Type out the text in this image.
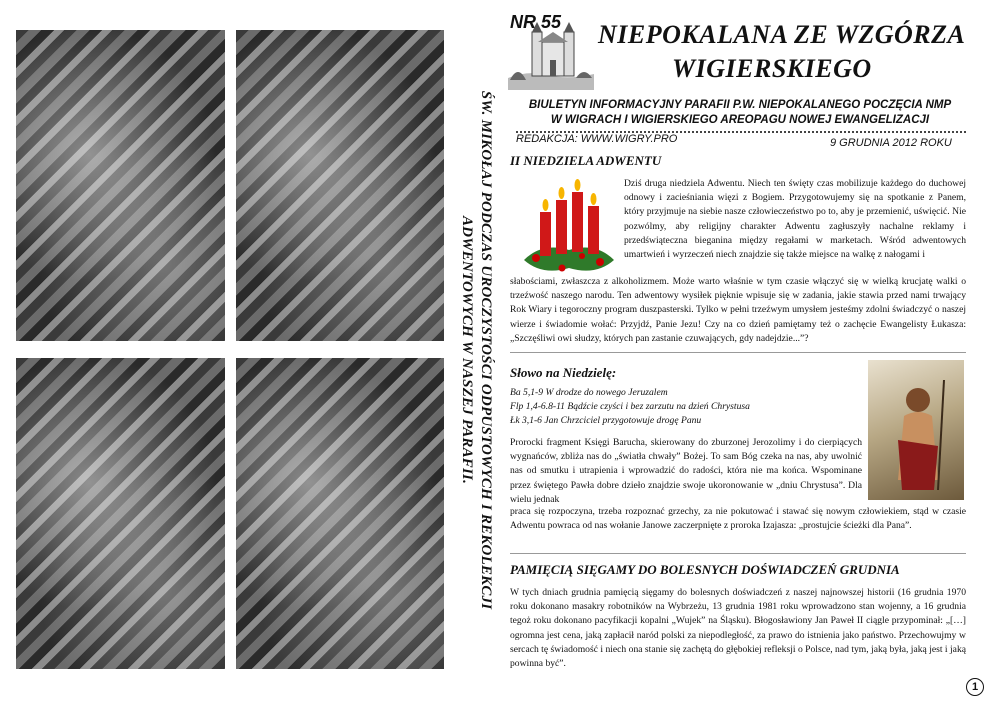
ŚW. MIKOŁAJ PODCZAS UROCZYSTOŚCI ODPUSTOWYCH I REKOLEKCJI ADWENTOWYCH W NASZEJ PARAFII.
NR 55 NIEPOKALANA ZE WZGÓRZA
WIGIERSKIEGO
BIULETYN INFORMACYJNY PARAFII P.W. NIEPOKALANEGO POCZĘCIA NMP
W WIGRACH I WIGIERSKIEGO AREOPAGU NOWEJ EWANGELIZACJI
REDAKCJA: WWW.WIGRY.PRO	9 GRUDNIA 2012 ROKU
II NIEDZIELA ADWENTU

Dziś druga niedziela Adwentu. Niech ten święty czas mobilizuje każdego do duchowej odnowy i zacieśniania więzi z Bogiem. Przygotowujemy się na spotkanie z Panem, który przyjmuje na siebie nasze człowieczeństwo po to, aby je przemienić, uświęcić. Nie pozwólmy, aby religijny charakter Adwentu zagłuszyły nachalne reklamy i przedświąteczna bieganina między regałami w marketach. Wśród adwentowych umartwień i wyrzeczeń niech znajdzie się także miejsce na walkę z nałogami i

słabościami, zwłaszcza z alkoholizmem. Może warto właśnie w tym czasie włączyć się w wielką krucjatę walki o trzeźwość naszego narodu. Ten adwentowy wysiłek pięknie wpisuje się w zadania, jakie stawia przed nami trwający Rok Wiary i tegoroczny program duszpasterski. Tylko w pełni trzeźwym umysłem jesteśmy zdolni świadczyć o naszej wierze i świadomie wołać: Przyjdź, Panie Jezu! Czy na co dzień pamiętamy też o zachęcie Ewangelisty Łukasza: „Szczęśliwi owi słudzy, których pan zastanie czuwających, gdy nadejdzie...”?

Słowo na Niedzielę:
Ba 5,1-9 W drodze do nowego Jeruzalem
Flp 1,4-6.8-11 Bądźcie czyści i bez zarzutu na dzień Chrystusa
Łk 3,1-6 Jan Chrzciciel przygotowuje drogę Panu

Prorocki fragment Księgi Barucha, skierowany do zburzonej Jerozolimy i do cierpiących wygnańców, zbliża nas do „światła chwały” Bożej. To sam Bóg czeka na nas, aby uwolnić nas od smutku i utrapienia i wprowadzić do radości, która nie ma końca. Wspominane przez świętego Pawła dobre dzieło znajdzie swoje ukoronowanie w „dniu Chrystusa”. Dla wielu jednak

praca się rozpoczyna, trzeba rozpoznać grzechy, za nie pokutować i stawać się nowym człowiekiem, stąd w czasie Adwentu powraca od nas wołanie Janowe zaczerpnięte z proroka Izajasza: „prostujcie ścieżki dla Pana”.

PAMIĘCIĄ SIĘGAMY DO BOLESNYCH DOŚWIADCZEŃ GRUDNIA

W tych dniach grudnia pamięcią sięgamy do bolesnych doświadczeń z naszej najnowszej historii (16 grudnia 1970 roku dokonano masakry robotników na Wybrzeżu, 13 grudnia 1981 roku wprowadzono stan wojenny, a 16 grudnia tegoż roku dokonano pacyfikacji kopalni „Wujek” na Śląsku). Błogosławiony Jan Paweł II ciągle przypominał: „[…] ogromna jest cena, jaką zapłacił naród polski za niepodległość, za prawo do istnienia jako państwo. Przechowujmy w sercach tę świadomość i niech ona stanie się zachętą do głębokiej refleksji o Polsce, nad tym, jaką była, jaką jest i jaką powinna być”.

1
